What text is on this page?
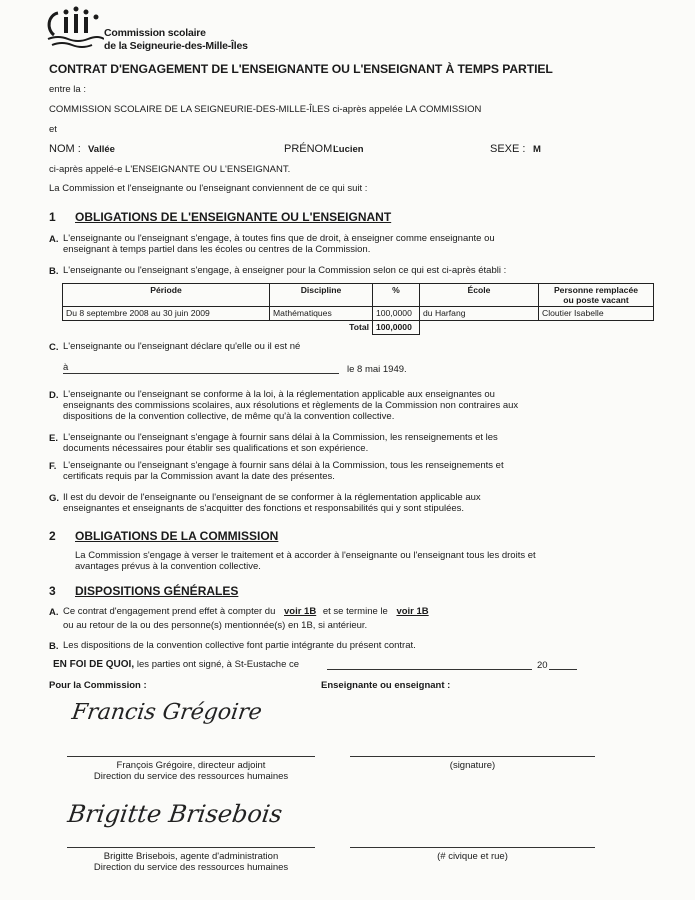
Commission scolaire
de la Seigneurie-des-Mille-Îles
CONTRAT D'ENGAGEMENT DE L'ENSEIGNANTE OU L'ENSEIGNANT À TEMPS PARTIEL
entre la :
COMMISSION SCOLAIRE DE LA SEIGNEURIE-DES-MILLE-ÎLES ci-après appelée LA COMMISSION
et
NOM : Vallée	PRÉNOM :
Lucien	SEXE : M
ci-après appelé-e L'ENSEIGNANTE OU L'ENSEIGNANT.
La Commission et l'enseignante ou l'enseignant conviennent de ce qui suit :
1 OBLIGATIONS DE L'ENSEIGNANTE OU L'ENSEIGNANT
A. L'enseignante ou l'enseignant s'engage, à toutes fins que de droit, à enseigner comme enseignante ou
enseignant à temps partiel dans les écoles ou centres de la Commission.
B. L'enseignante ou l'enseignant s'engage, à enseigner pour la Commission selon ce qui est ci-après établi :
Période	Discipline	%	École	Personne remplacée
ou poste vacant

Du 8 septembre 2008 au 30 juin 2009	Mathématiques	100,0000	du Harfang	Cloutier Isabelle
Total		100,0000		
C. L'enseignante ou l'enseignant déclare qu'elle ou il est né
à	le 8 mai 1949.
D. L'enseignante ou l'enseignant se conforme à la loi, à la réglementation applicable aux enseignantes ou
enseignants des commissions scolaires, aux résolutions et règlements de la Commission non contraires aux
dispositions de la convention collective, de même qu'à la convention collective.
E. L'enseignante ou l'enseignant s'engage à fournir sans délai à la Commission, les renseignements et les
documents nécessaires pour établir ses qualifications et son expérience.
F. L'enseignante ou l'enseignant s'engage à fournir sans délai à la Commission, tous les renseignements et
certificats requis par la Commission avant la date des présentes.
G. Il est du devoir de l'enseignante ou l'enseignant de se conformer à la réglementation applicable aux
enseignantes et enseignants de s'acquitter des fonctions et responsabilités qui y sont stipulées.
2 OBLIGATIONS DE LA COMMISSION
La Commission s'engage à verser le traitement et à accorder à l'enseignante ou l'enseignant tous les droits et
avantages prévus à la convention collective.
3 DISPOSITIONS GÉNÉRALES
A. Ce contrat d'engagement prend effet à compter du voir 1B et se termine le voir 1B
ou au retour de la ou des personne(s) mentionnée(s) en 1B, si antérieur.
B. Les dispositions de la convention collective font partie intégrante du présent contrat.
EN FOI DE QUOI, les parties ont signé, à St-Eustache ce	20
Pour la Commission :	Enseignante ou enseignant :
Francis Grégoire
François Grégoire, directeur adjoint
Direction du service des ressources humaines
(signature)
Brigitte Brisebois
Brigitte Brisebois, agente d'administration
Direction du service des ressources humaines
(# civique et rue)
